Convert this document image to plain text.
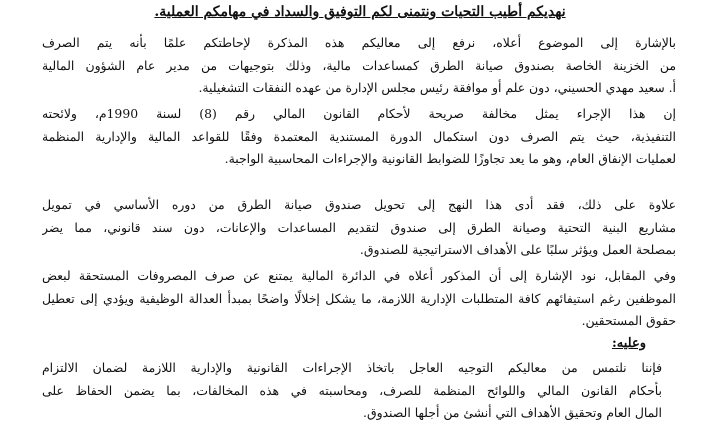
نهديكم أطيب التحيات ونتمنى لكم التوفيق والسداد في مهامكم العملية.

بالإشارة إلى الموضوع أعلاه، نرفع إلى معاليكم هذه المذكرة لإحاطتكم علمًا بأنه يتم الصرف
من الخزينة الخاصة بصندوق صيانة الطرق كمساعدات مالية، وذلك بتوجيهات من مدير عام الشؤون المالية
أ. سعيد مهدي الحسيني، دون علم أو موافقة رئيس مجلس الإدارة من عهده النفقات التشغيلية.

إن هذا الإجراء يمثل مخالفة صريحة لأحكام القانون المالي رقم (8) لسنة 1990م، ولائحته
التنفيذية، حيث يتم الصرف دون استكمال الدورة المستندية المعتمدة وفقًا للقواعد المالية والإدارية المنظمة
لعمليات الإنفاق العام، وهو ما يعد تجاوزًا للضوابط القانونية والإجراءات المحاسبية الواجبة.

علاوة على ذلك، فقد أدى هذا النهج إلى تحويل صندوق صيانة الطرق من دوره الأساسي في تمويل
مشاريع البنية التحتية وصيانة الطرق إلى صندوق لتقديم المساعدات والإعانات، دون سند قانوني، مما يضر
بمصلحة العمل ويؤثر سلبًا على الأهداف الاستراتيجية للصندوق.

وفي المقابل، نود الإشارة إلى أن المذكور أعلاه في الدائرة المالية يمتنع عن صرف المصروفات المستحقة لبعض
الموظفين رغم استيفائهم كافة المتطلبات الإدارية اللازمة، ما يشكل إخلالًا واضحًا بمبدأ العدالة الوظيفية ويؤدي إلى تعطيل
حقوق المستحقين.

وعليه:

فإننا نلتمس من معاليكم التوجيه العاجل باتخاذ الإجراءات القانونية والإدارية اللازمة لضمان الالتزام
بأحكام القانون المالي واللوائح المنظمة للصرف، ومحاسبته في هذه المخالفات، بما يضمن الحفاظ على
المال العام وتحقيق الأهداف التي أنشئ من أجلها الصندوق.
